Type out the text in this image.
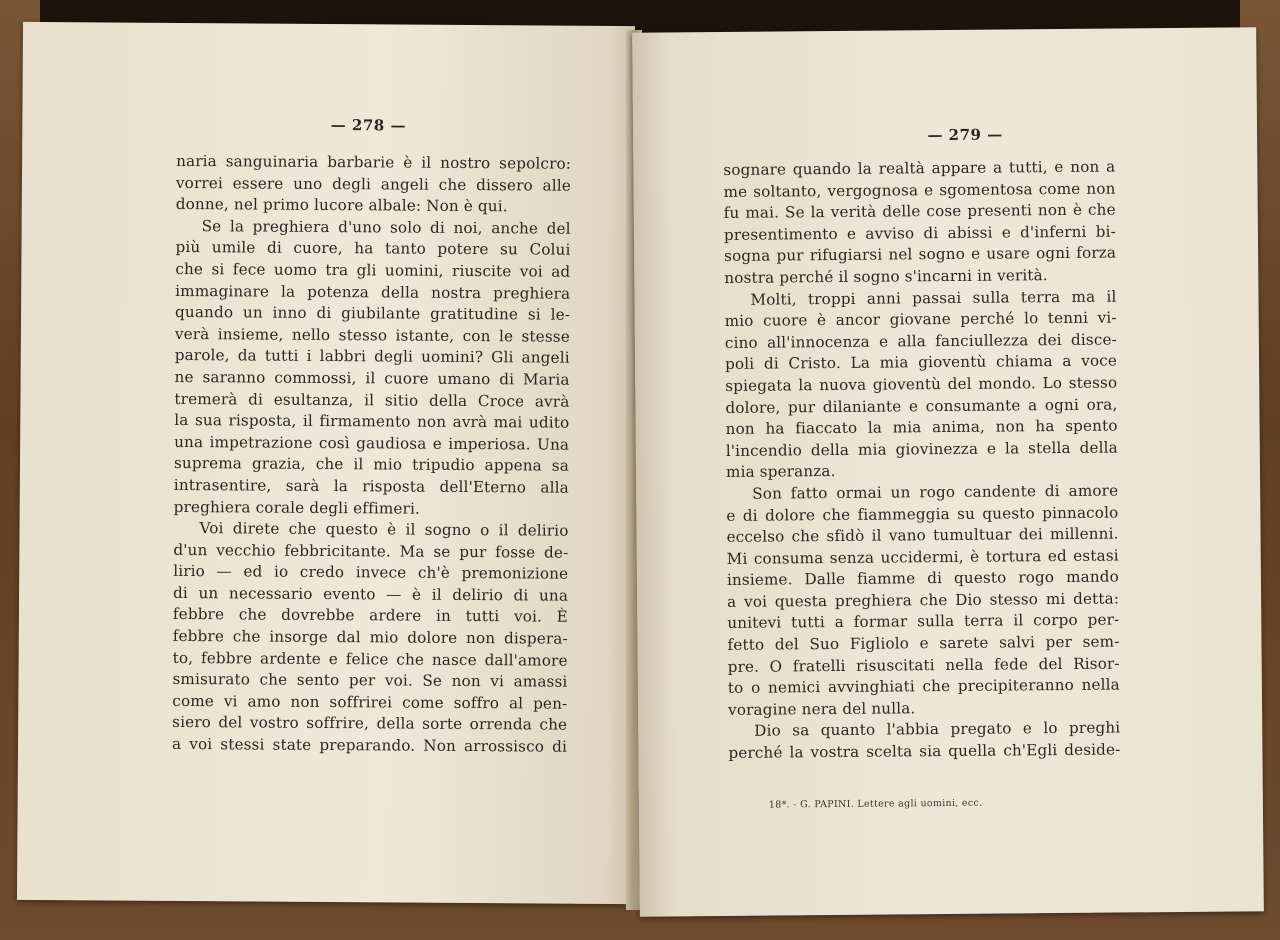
— 278 —
naria sanguinaria barbarie è il nostro sepolcro:
vorrei essere uno degli angeli che dissero alle
donne, nel primo lucore albale: Non è qui.
Se la preghiera d'uno solo di noi, anche del
più umile di cuore, ha tanto potere su Colui
che si fece uomo tra gli uomini, riuscite voi ad
immaginare la potenza della nostra preghiera
quando un inno di giubilante gratitudine si le-
verà insieme, nello stesso istante, con le stesse
parole, da tutti i labbri degli uomini? Gli angeli
ne saranno commossi, il cuore umano di Maria
tremerà di esultanza, il sitio della Croce avrà
la sua risposta, il firmamento non avrà mai udito
una impetrazione così gaudiosa e imperiosa. Una
suprema grazia, che il mio tripudio appena sa
intrasentire, sarà la risposta dell'Eterno alla
preghiera corale degli effimeri.
Voi direte che questo è il sogno o il delirio
d'un vecchio febbricitante. Ma se pur fosse de-
lirio — ed io credo invece ch'è premonizione
di un necessario evento — è il delirio di una
febbre che dovrebbe ardere in tutti voi. È
febbre che insorge dal mio dolore non dispera-
to, febbre ardente e felice che nasce dall'amore
smisurato che sento per voi. Se non vi amassi
come vi amo non soffrirei come soffro al pen-
siero del vostro soffrire, della sorte orrenda che
a voi stessi state preparando. Non arrossisco di
— 279 —
sognare quando la realtà appare a tutti, e non a
me soltanto, vergognosa e sgomentosa come non
fu mai. Se la verità delle cose presenti non è che
presentimento e avviso di abissi e d'inferni bi-
sogna pur rifugiarsi nel sogno e usare ogni forza
nostra perché il sogno s'incarni in verità.
Molti, troppi anni passai sulla terra ma il
mio cuore è ancor giovane perché lo tenni vi-
cino all'innocenza e alla fanciullezza dei disce-
poli di Cristo. La mia gioventù chiama a voce
spiegata la nuova gioventù del mondo. Lo stesso
dolore, pur dilaniante e consumante a ogni ora,
non ha fiaccato la mia anima, non ha spento
l'incendio della mia giovinezza e la stella della
mia speranza.
Son fatto ormai un rogo candente di amore
e di dolore che fiammeggia su questo pinnacolo
eccelso che sfidò il vano tumultuar dei millenni.
Mi consuma senza uccidermi, è tortura ed estasi
insieme. Dalle fiamme di questo rogo mando
a voi questa preghiera che Dio stesso mi detta:
unitevi tutti a formar sulla terra il corpo per-
fetto del Suo Figliolo e sarete salvi per sem-
pre. O fratelli risuscitati nella fede del Risor-
to o nemici avvinghiati che precipiteranno nella
voragine nera del nulla.
Dio sa quanto l'abbia pregato e lo preghi
perché la vostra scelta sia quella ch'Egli deside-
18*. - G. PAPINI. Lettere agli uomini, ecc.
